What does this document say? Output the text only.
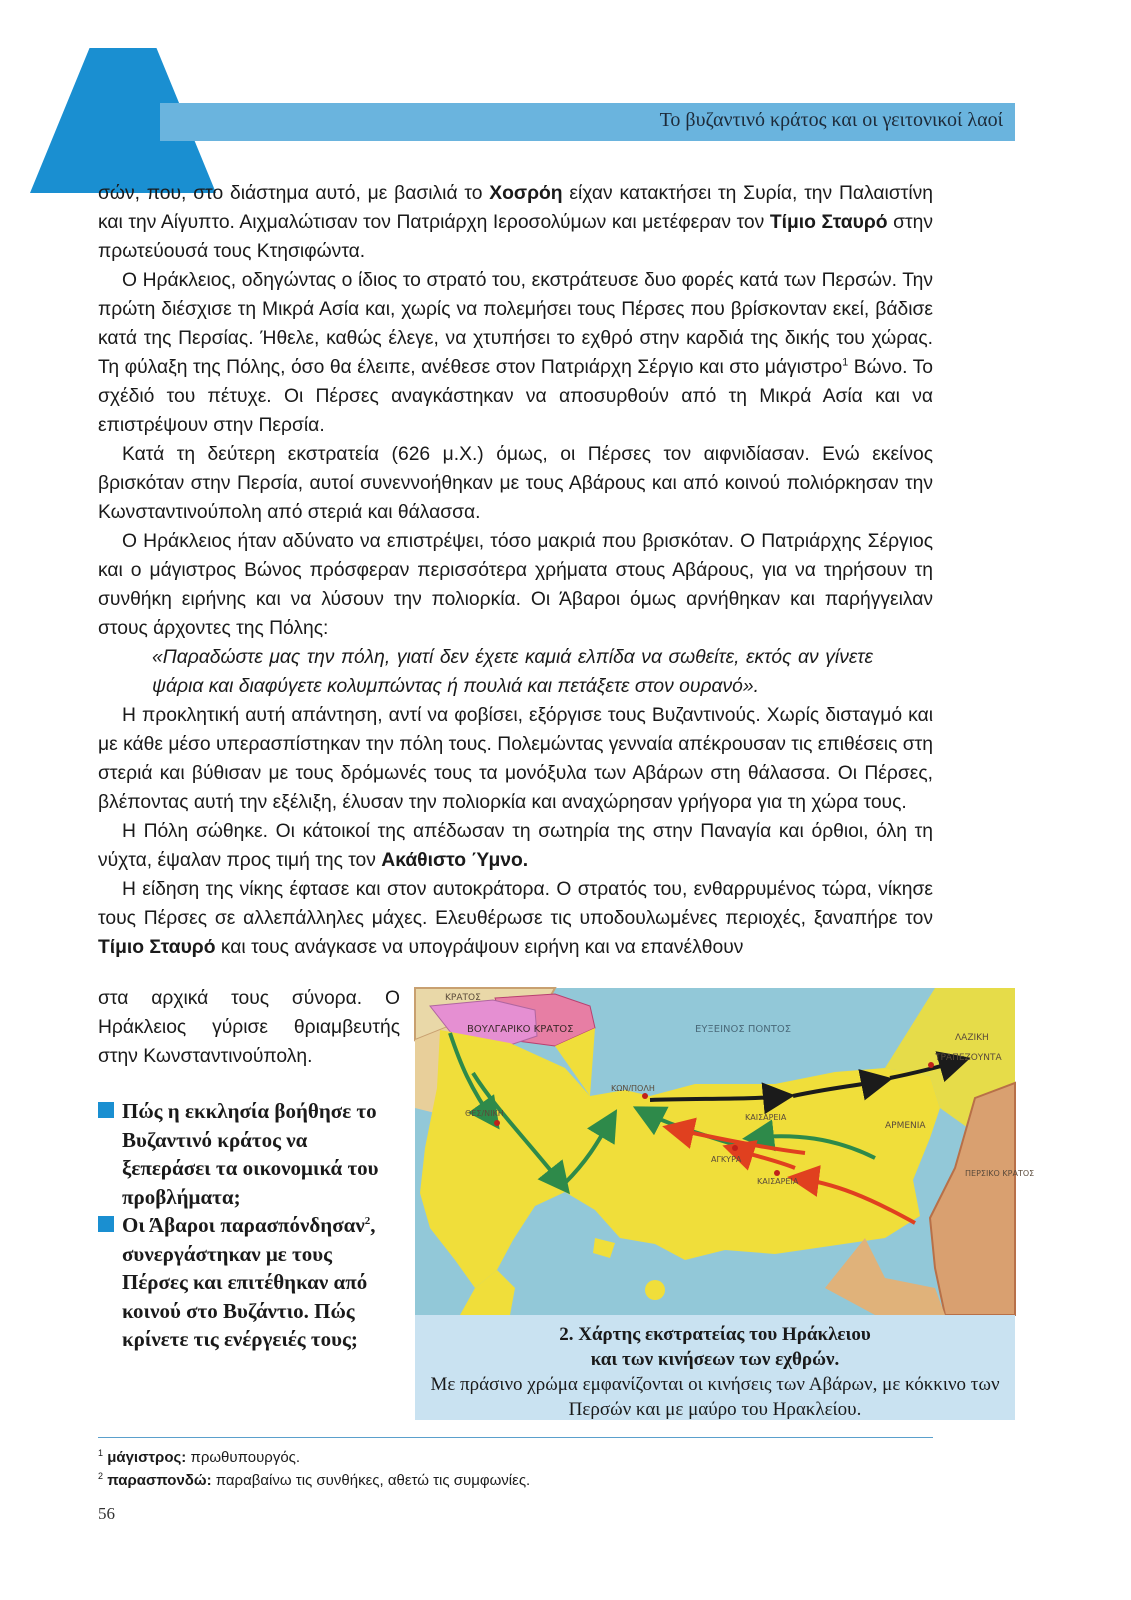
Το βυζαντινό κράτος και οι γειτονικοί λαοί

σών, που, στο διάστημα αυτό, με βασιλιά το Χοσρόη είχαν κατακτήσει τη Συρία, την Παλαιστίνη και την Αίγυπτο. Αιχμαλώτισαν τον Πατριάρχη Ιεροσολύμων και μετέφεραν τον Τίμιο Σταυρό στην πρωτεύουσά τους Κτησιφώντα.

Ο Ηράκλειος, οδηγώντας ο ίδιος το στρατό του, εκστράτευσε δυο φορές κατά των Περσών. Την πρώτη διέσχισε τη Μικρά Ασία και, χωρίς να πολεμήσει τους Πέρσες που βρίσκονταν εκεί, βάδισε κατά της Περσίας. Ήθελε, καθώς έλεγε, να χτυπήσει το εχθρό στην καρδιά της δικής του χώρας. Τη φύλαξη της Πόλης, όσο θα έλειπε, ανέθεσε στον Πατριάρχη Σέργιο και στο μάγιστρο$^1$ Βώνο. Το σχέδιό του πέτυχε. Οι Πέρσες αναγκάστηκαν να αποσυρθούν από τη Μικρά Ασία και να επιστρέψουν στην Περσία.

Κατά τη δεύτερη εκστρατεία (626 μ.Χ.) όμως, οι Πέρσες τον αιφνιδίασαν. Ενώ εκείνος βρισκόταν στην Περσία, αυτοί συνεννοήθηκαν με τους Αβάρους και από κοινού πολιόρκησαν την Κωνσταντινούπολη από στεριά και θάλασσα.

Ο Ηράκλειος ήταν αδύνατο να επιστρέψει, τόσο μακριά που βρισκόταν. Ο Πατριάρχης Σέργιος και ο μάγιστρος Βώνος πρόσφεραν περισσότερα χρήματα στους Αβάρους, για να τηρήσουν τη συνθήκη ειρήνης και να λύσουν την πολιορκία. Οι Άβαροι όμως αρνήθηκαν και παρήγγειλαν στους άρχοντες της Πόλης:

«Παραδώστε μας την πόλη, γιατί δεν έχετε καμιά ελπίδα να σωθείτε, εκτός αν γίνετε ψάρια και διαφύγετε κολυμπώντας ή πουλιά και πετάξετε στον ουρανό».

Η προκλητική αυτή απάντηση, αντί να φοβίσει, εξόργισε τους Βυζαντινούς. Χωρίς δισταγμό και με κάθε μέσο υπερασπίστηκαν την πόλη τους. Πολεμώντας γενναία απέκρουσαν τις επιθέσεις στη στεριά και βύθισαν με τους δρόμωνές τους τα μονόξυλα των Αβάρων στη θάλασσα. Οι Πέρσες, βλέποντας αυτή την εξέλιξη, έλυσαν την πολιορκία και αναχώρησαν γρήγορα για τη χώρα τους.

Η Πόλη σώθηκε. Οι κάτοικοί της απέδωσαν τη σωτηρία της στην Παναγία και όρθιοι, όλη τη νύχτα, έψαλαν προς τιμή της τον Ακάθιστο Ύμνο.

Η είδηση της νίκης έφτασε και στον αυτοκράτορα. Ο στρατός του, ενθαρρυμένος τώρα, νίκησε τους Πέρσες σε αλλεπάλληλες μάχες. Ελευθέρωσε τις υποδουλωμένες περιοχές, ξαναπήρε τον Τίμιο Σταυρό και τους ανάγκασε να υπογράψουν ειρήνη και να επανέλθουν

στα αρχικά τους σύνορα. Ο Ηράκλειος γύρισε θριαμβευτής στην Κωνσταντινούπολη.
Πώς η εκκλησία βοήθησε το Βυζαντινό κράτος να ξεπεράσει τα οικονομικά του προβλήματα;
Οι Άβαροι παρασπόνδησαν$^2$, συνεργάστηκαν με τους Πέρσες και επιτέθηκαν από κοινού στο Βυζάντιο. Πώς κρίνετε τις ενέργειές τους;
ΚΡΑΤΟΣ
ΒΟΥΛΓΑΡΙΚΟ ΚΡΑΤΟΣ	ΕΥΞΕΙΝΟΣ ΠΟΝΤΟΣ
ΛΑΖΙΚΗ
ΤΡΑΠΕΖΟΥΝΤΑ
ΚΩΝ/ΠΟΛΗ
ΚΑΙΣΑΡΕΙΑ
ΑΡΜΕΝΙΑ
ΘΕΣ/ΝΙΚΗ
ΑΓΚΥΡΑ
ΚΑΙΣΑΡΕΙΑ
ΠΕΡΣΙΚΟ ΚΡΑΤΟΣ
2. Χάρτης εκστρατείας του Ηράκλειου
και των κινήσεων των εχθρών.
Με πράσινο χρώμα εμφανίζονται οι κινήσεις των Αβάρων, με κόκκινο των Περσών και με μαύρο του Ηρακλείου.
$^1$ μάγιστρος: πρωθυπουργός.
$^2$ παρασπονδώ: παραβαίνω τις συνθήκες, αθετώ τις συμφωνίες.
56
